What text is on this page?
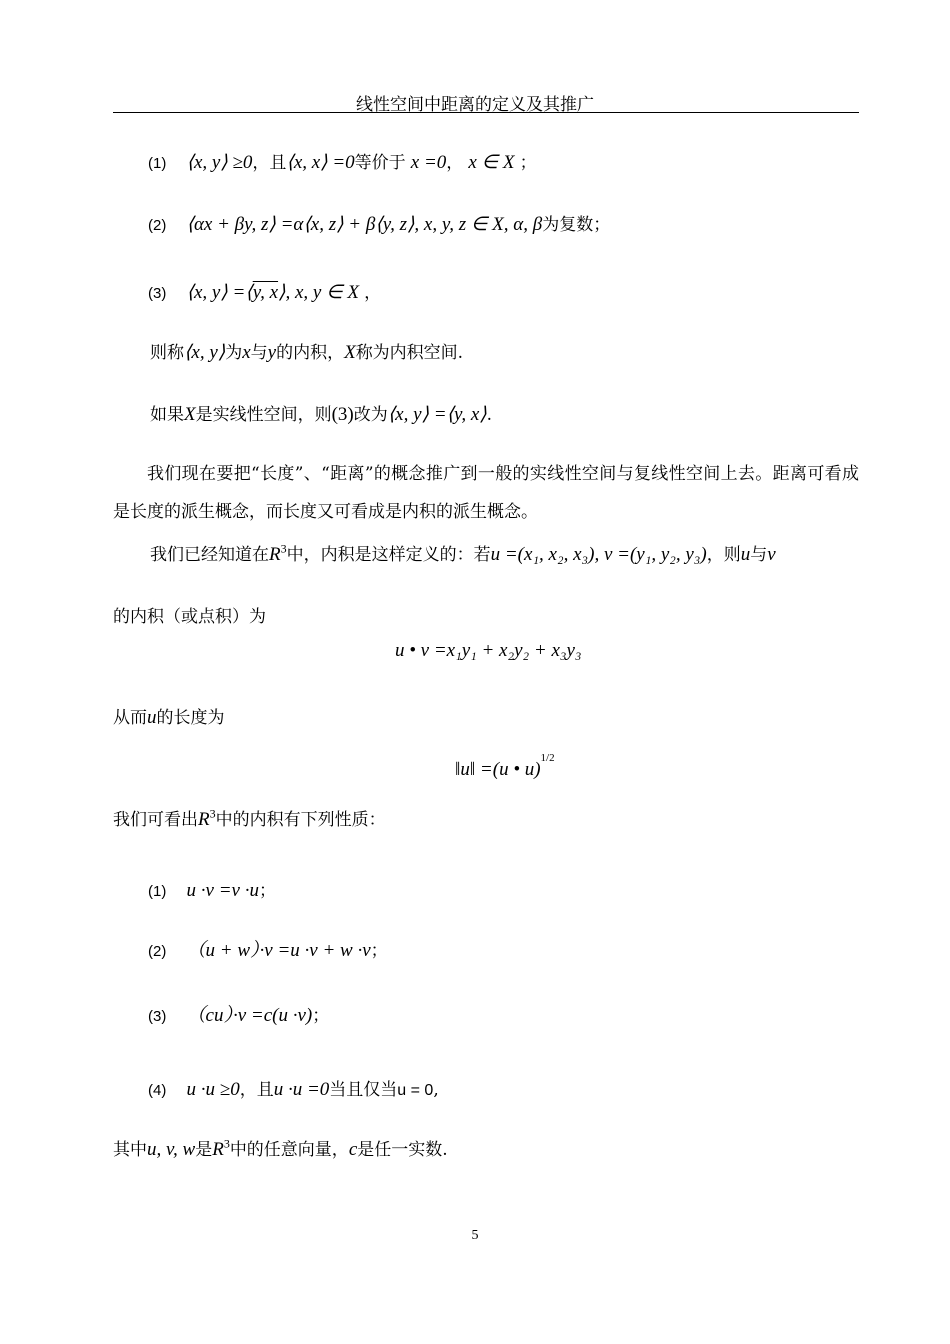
线性空间中距离的定义及其推广
(1) ⟨x, y⟩ ≥0，且⟨x, x⟩ =0等价于 x =0， x ∈ X ；
(2) ⟨αx + βy, z⟩ =α⟨x, z⟩ + β⟨y, z⟩, x, y, z ∈ X, α, β为复数；
(3) ⟨x, y⟩ =⟨y, x⟩, x, y ∈ X ，
则称⟨x, y⟩为x与y的内积，X称为内积空间.
如果X是实线性空间，则(3)改为⟨x, y⟩ =⟨y, x⟩.
我们现在要把“长度”、“距离”的概念推广到一般的实线性空间与复线性空间上去。距离可看成是长度的派生概念，而长度又可看成是内积的派生概念。
我们已经知道在$R^3$中，内积是这样定义的：若u =(x₁, x₂, x₃), v =(y₁, y₂, y₃)，则u与v
的内积（或点积）为
u • v =x₁y₁ + x₂y₂ + x₃y₃
从而u的长度为
‖u‖ =(u • u)$^{1/2}$
我们可看出$R^3$中的内积有下列性质：
(1) u ·v =v ·u；
(2) （u + w）·v =u ·v + w ·v；
(3) （cu）·v =c(u ·v)；
(4) u ·u ≥0，且u ·u =0当且仅当u = 0,
其中u, v, w是$R^3$中的任意向量，c是任一实数.
5
